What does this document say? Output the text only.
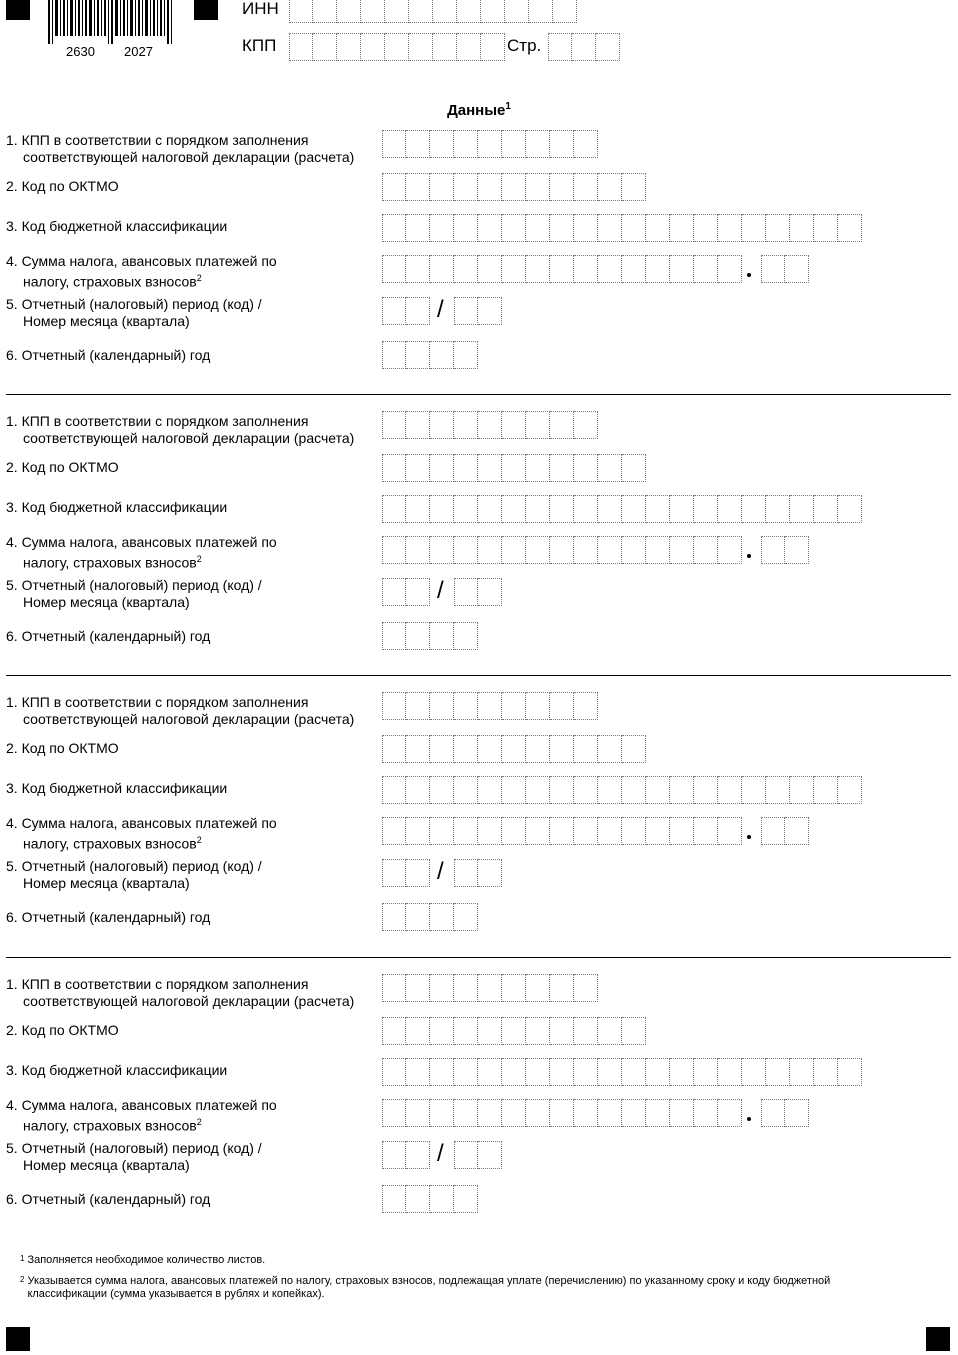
2630 2027
ИНН
КПП	Стр.
Данные$^1$
1. КПП в соответствии с порядком заполнения
соответствующей налоговой декларации (расчета)
2. Код по ОКТМО
3. Код бюджетной классификации
4. Сумма налога, авансовых платежей по
налогу, страховых взносов$^2$
5. Отчетный (налоговый) период (код) /
Номер месяца (квартала)	/
6. Отчетный (календарный) год
1. КПП в соответствии с порядком заполнения
соответствующей налоговой декларации (расчета)
2. Код по ОКТМО
3. Код бюджетной классификации
4. Сумма налога, авансовых платежей по
налогу, страховых взносов$^2$
5. Отчетный (налоговый) период (код) /
Номер месяца (квартала)	/
6. Отчетный (календарный) год
1. КПП в соответствии с порядком заполнения
соответствующей налоговой декларации (расчета)
2. Код по ОКТМО
3. Код бюджетной классификации
4. Сумма налога, авансовых платежей по
налогу, страховых взносов$^2$
5. Отчетный (налоговый) период (код) /
Номер месяца (квартала)	/
6. Отчетный (календарный) год
1. КПП в соответствии с порядком заполнения
соответствующей налоговой декларации (расчета)
2. Код по ОКТМО
3. Код бюджетной классификации
4. Сумма налога, авансовых платежей по
налогу, страховых взносов$^2$
5. Отчетный (налоговый) период (код) /
Номер месяца (квартала)	/
6. Отчетный (календарный) год
$^1$ Заполняется необходимое количество листов.
$^2$ Указывается сумма налога, авансовых платежей по налогу, страховых взносов, подлежащая уплате (перечислению) по указанному сроку и коду бюджетной классификации (сумма указывается в рублях и копейках).
